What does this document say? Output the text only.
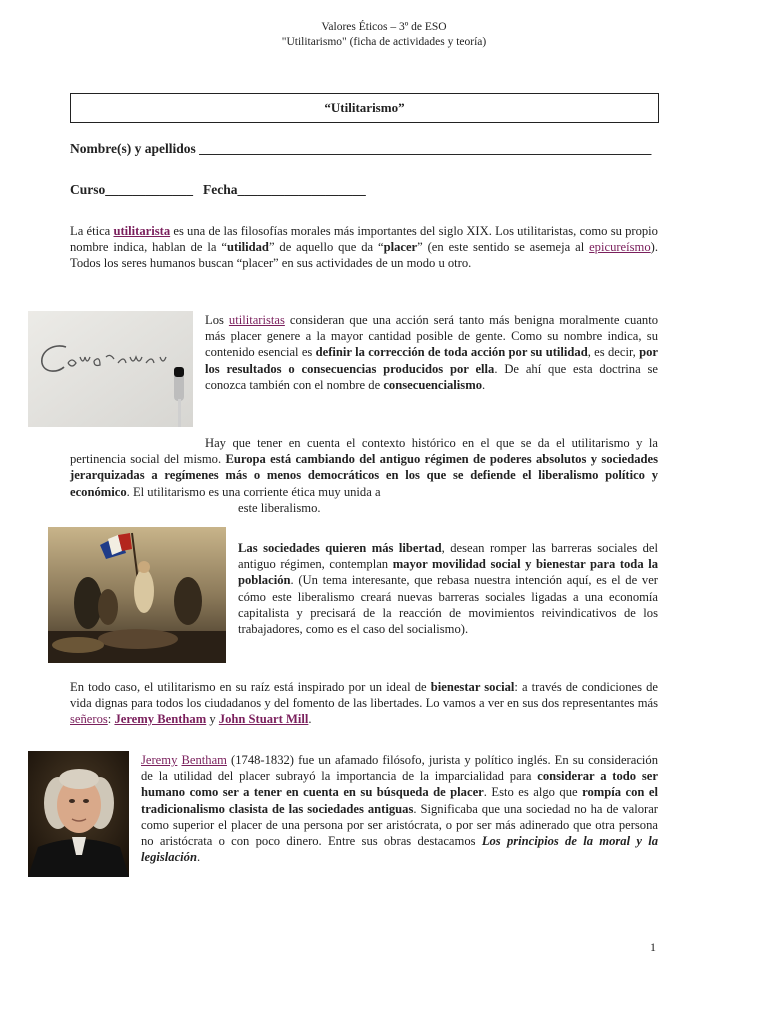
Valores Éticos – 3º de ESO
"Utilitarismo" (ficha de actividades y teoría)
“Utilitarismo”
Nombre(s) y apellidos ___________________________________________________________________
Curso_____________ Fecha___________________
La ética utilitarista es una de las filosofías morales más importantes del siglo XIX. Los utilitaristas, como su propio nombre indica, hablan de la “utilidad” de aquello que da “placer” (en este sentido se asemeja al epicureísmo). Todos los seres humanos buscan “placer” en sus actividades de un modo u otro.
Los utilitaristas consideran que una acción será tanto más benigna moralmente cuanto más placer genere a la mayor cantidad posible de gente. Como su nombre indica, su contenido esencial es definir la corrección de toda acción por su utilidad, es decir, por los resultados o consecuencias producidos por ella. De ahí que esta doctrina se conozca también con el nombre de consecuencialismo.
Hay que tener en cuenta el contexto histórico en el que se da el utilitarismo y la pertinencia social del mismo. Europa está cambiando del antiguo régimen de poderes absolutos y sociedades jerarquizadas a regímenes más o menos democráticos en los que se defiende el liberalismo político y económico. El utilitarismo es una corriente ética muy unida a
este liberalismo.
Las sociedades quieren más libertad, desean romper las barreras sociales del antiguo régimen, contemplan mayor movilidad social y bienestar para toda la población. (Un tema interesante, que rebasa nuestra intención aquí, es el de ver cómo este liberalismo creará nuevas barreras sociales ligadas a una economía capitalista y precisará de la reacción de movimientos reivindicativos de los trabajadores, como es el caso del socialismo).
En todo caso, el utilitarismo en su raíz está inspirado por un ideal de bienestar social: a través de condiciones de vida dignas para todos los ciudadanos y del fomento de las libertades. Lo vamos a ver en sus dos representantes más señeros: Jeremy Bentham y John Stuart Mill.
Jeremy Bentham (1748-1832) fue un afamado filósofo, jurista y político inglés. En su consideración de la utilidad del placer subrayó la importancia de la imparcialidad para considerar a todo ser humano como ser a tener en cuenta en su búsqueda de placer. Esto es algo que rompía con el tradicionalismo clasista de las sociedades antiguas. Significaba que una sociedad no ha de valorar como superior el placer de una persona por ser aristócrata, o por ser más adinerado que otra persona no aristócrata o con poco dinero. Entre sus obras destacamos Los principios de la moral y la legislación.
1
